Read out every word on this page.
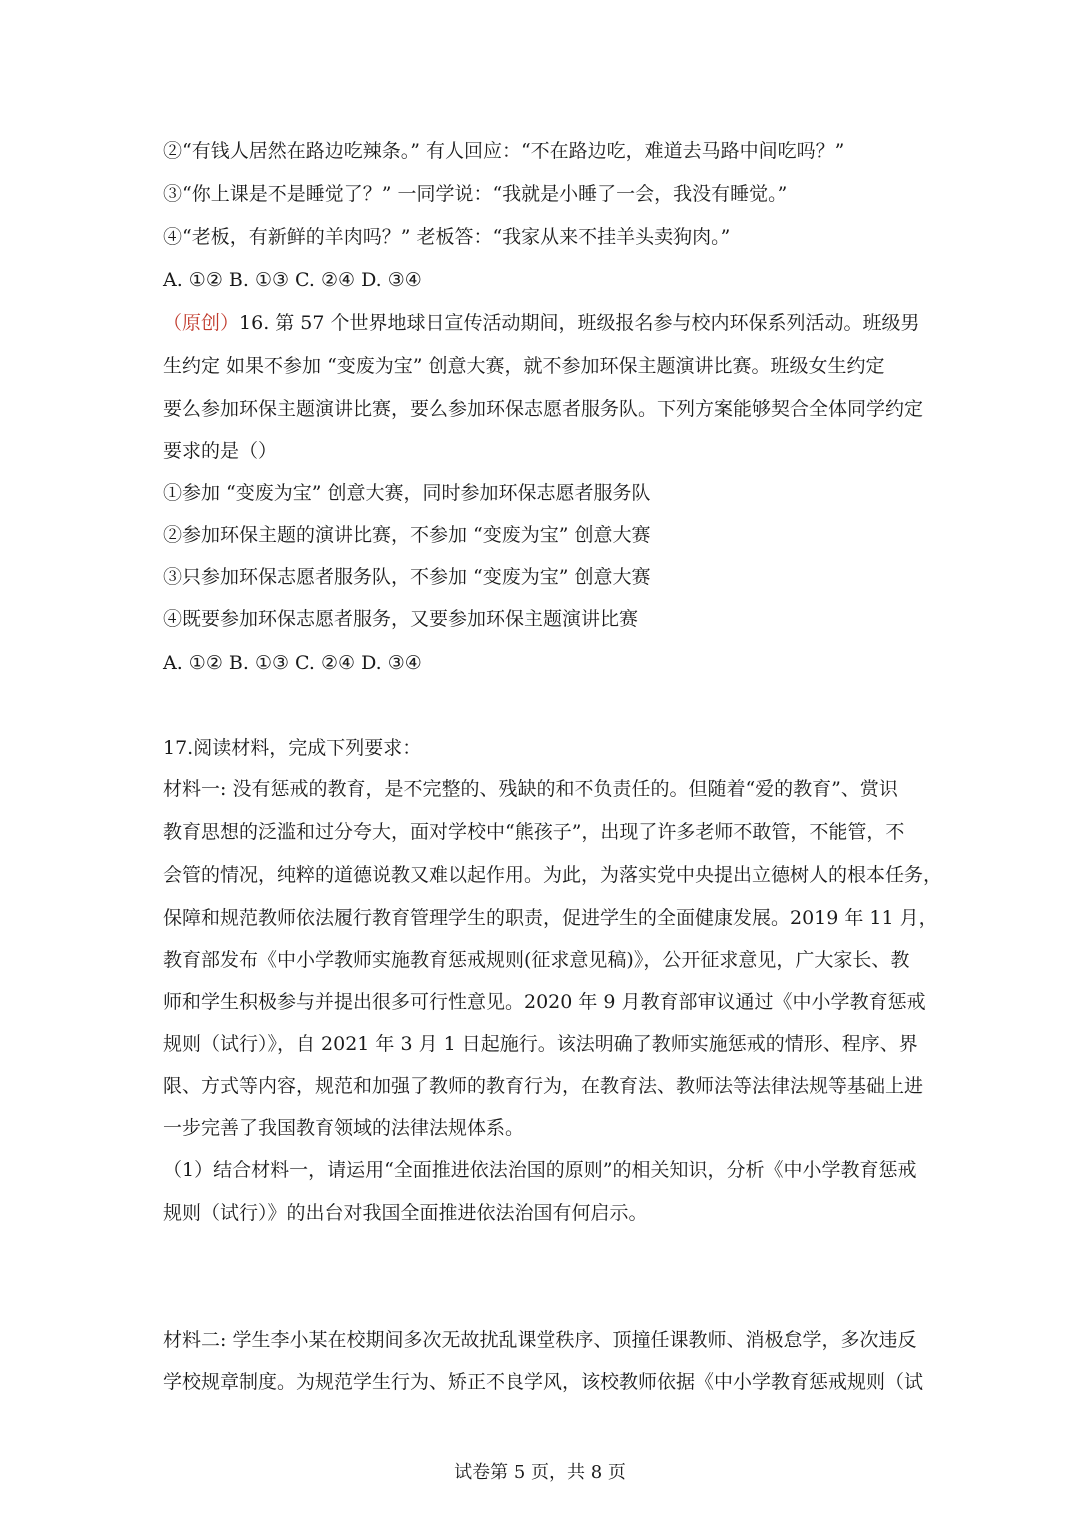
②“有钱人居然在路边吃辣条。” 有人回应：“不在路边吃，难道去马路中间吃吗？”
③“你上课是不是睡觉了？” 一同学说：“我就是小睡了一会，我没有睡觉。”
④“老板，有新鲜的羊肉吗？” 老板答：“我家从来不挂羊头卖狗肉。”
A. ①② B. ①③ C. ②④ D. ③④
（原创）16. 第 57 个世界地球日宣传活动期间，班级报名参与校内环保系列活动。班级男
生约定 如果不参加 “变废为宝” 创意大赛，就不参加环保主题演讲比赛。班级女生约定
要么参加环保主题演讲比赛，要么参加环保志愿者服务队。下列方案能够契合全体同学约定
要求的是（）
①参加 “变废为宝” 创意大赛，同时参加环保志愿者服务队
②参加环保主题的演讲比赛，不参加 “变废为宝” 创意大赛
③只参加环保志愿者服务队，不参加 “变废为宝” 创意大赛
④既要参加环保志愿者服务，又要参加环保主题演讲比赛
A. ①② B. ①③ C. ②④ D. ③④
17.阅读材料，完成下列要求：
材料一: 没有惩戒的教育，是不完整的、残缺的和不负责任的。但随着“爱的教育”、赏识
教育思想的泛滥和过分夸大，面对学校中“熊孩子”，出现了许多老师不敢管，不能管，不
会管的情况，纯粹的道德说教又难以起作用。为此，为落实党中央提出立德树人的根本任务，
保障和规范教师依法履行教育管理学生的职责，促进学生的全面健康发展。2019 年 11 月，
教育部发布《中小学教师实施教育惩戒规则(征求意见稿)》，公开征求意见，广大家长、教
师和学生积极参与并提出很多可行性意见。2020 年 9 月教育部审议通过《中小学教育惩戒
规则（试行）》，自 2021 年 3 月 1 日起施行。该法明确了教师实施惩戒的情形、程序、界
限、方式等内容，规范和加强了教师的教育行为，在教育法、教师法等法律法规等基础上进
一步完善了我国教育领域的法律法规体系。
（1）结合材料一，请运用“全面推进依法治国的原则”的相关知识，分析《中小学教育惩戒
规则（试行）》的出台对我国全面推进依法治国有何启示。
材料二: 学生李小某在校期间多次无故扰乱课堂秩序、顶撞任课教师、消极怠学，多次违反
学校规章制度。为规范学生行为、矫正不良学风，该校教师依据《中小学教育惩戒规则（试
试卷第 5 页，共 8 页
